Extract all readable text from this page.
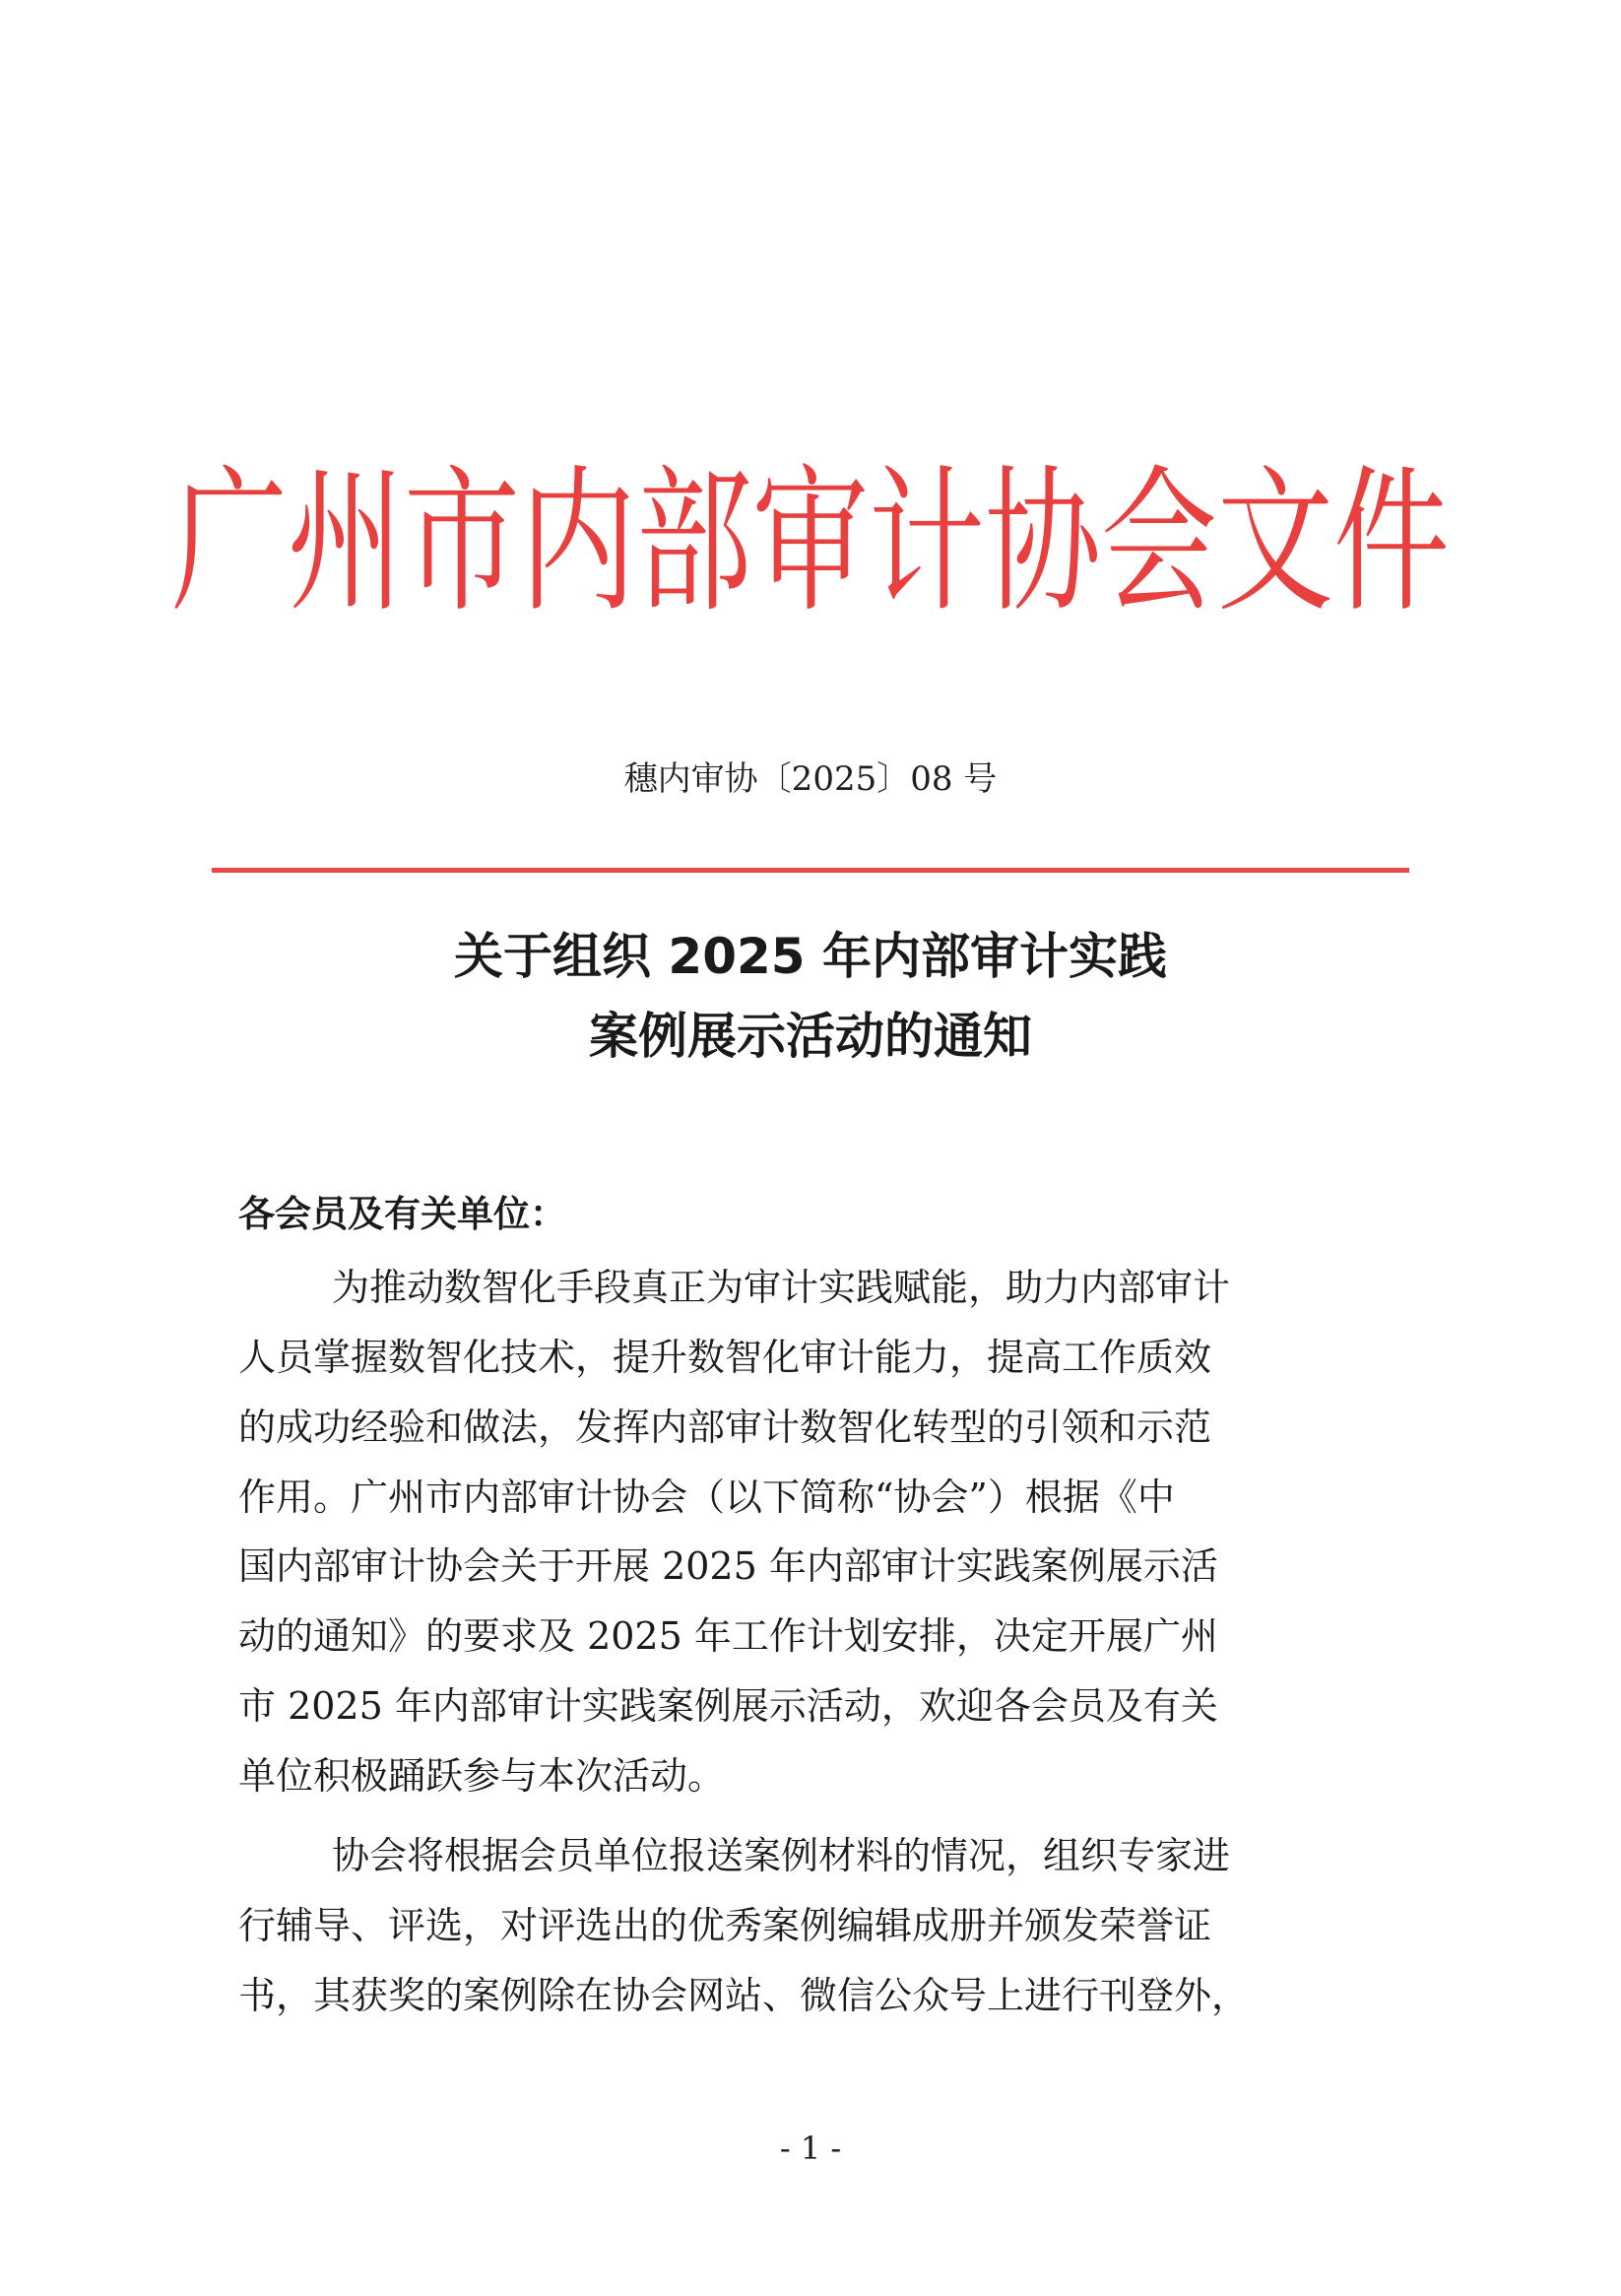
广州市内部审计协会文件
穗内审协〔2025〕08 号
关于组织 2025 年内部审计实践
案例展示活动的通知
各会员及有关单位：
为推动数智化手段真正为审计实践赋能，助力内部审计
人员掌握数智化技术，提升数智化审计能力，提高工作质效
的成功经验和做法，发挥内部审计数智化转型的引领和示范
作用。广州市内部审计协会（以下简称“协会”）根据《中
国内部审计协会关于开展 2025 年内部审计实践案例展示活
动的通知》的要求及 2025 年工作计划安排，决定开展广州
市 2025 年内部审计实践案例展示活动，欢迎各会员及有关
单位积极踊跃参与本次活动。
协会将根据会员单位报送案例材料的情况，组织专家进
行辅导、评选，对评选出的优秀案例编辑成册并颁发荣誉证
书，其获奖的案例除在协会网站、微信公众号上进行刊登外，
- 1 -
